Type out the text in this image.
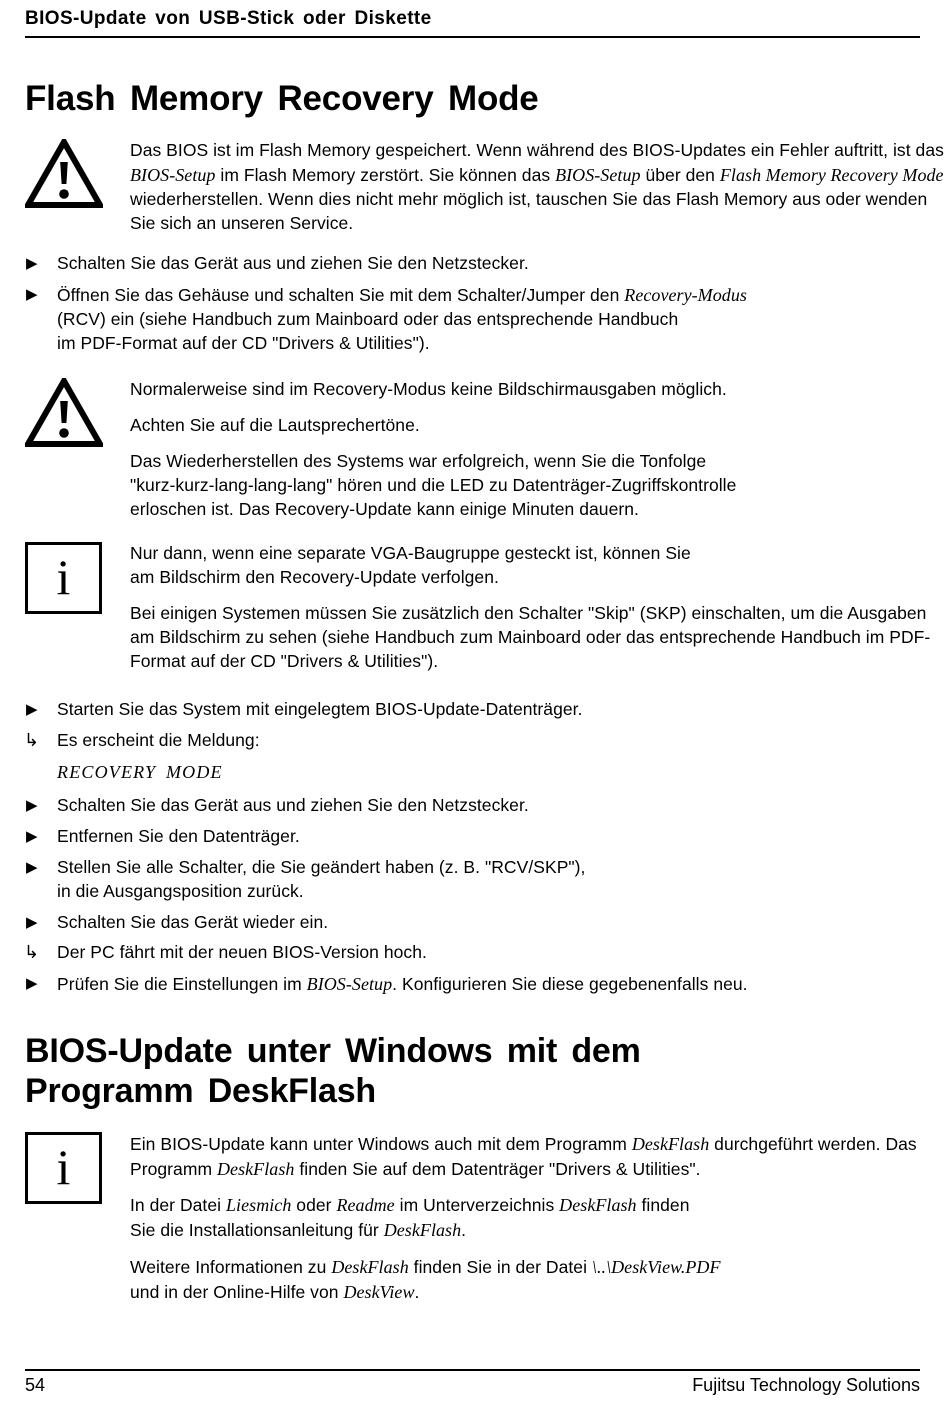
BIOS-Update von USB-Stick oder Diskette
Flash Memory Recovery Mode

Das BIOS ist im Flash Memory gespeichert. Wenn während des BIOS-Updates ein Fehler auftritt, ist das BIOS-Setup im Flash Memory zerstört. Sie können das BIOS-Setup über den Flash Memory Recovery Mode wiederherstellen. Wenn dies nicht mehr möglich ist, tauschen Sie das Flash Memory aus oder wenden Sie sich an unseren Service.

▶ Schalten Sie das Gerät aus und ziehen Sie den Netzstecker.
▶ Öffnen Sie das Gehäuse und schalten Sie mit dem Schalter/Jumper den Recovery-Modus
(RCV) ein (siehe Handbuch zum Mainboard oder das entsprechende Handbuch
im PDF-Format auf der CD "Drivers & Utilities").

Normalerweise sind im Recovery-Modus keine Bildschirmausgaben möglich.

Achten Sie auf die Lautsprechertöne.

Das Wiederherstellen des Systems war erfolgreich, wenn Sie die Tonfolge
"kurz-kurz-lang-lang-lang" hören und die LED zu Datenträger-Zugriffskontrolle
erloschen ist. Das Recovery-Update kann einige Minuten dauern.

i	Nur dann, wenn eine separate VGA-Baugruppe gesteckt ist, können Sie
am Bildschirm den Recovery-Update verfolgen.

Bei einigen Systemen müssen Sie zusätzlich den Schalter "Skip" (SKP) einschalten, um die Ausgaben am Bildschirm zu sehen (siehe Handbuch zum Mainboard oder das entsprechende Handbuch im PDF-Format auf der CD "Drivers & Utilities").

▶ Starten Sie das System mit eingelegtem BIOS-Update-Datenträger.
↳ Es erscheint die Meldung:
RECOVERY MODE
▶ Schalten Sie das Gerät aus und ziehen Sie den Netzstecker.
▶ Entfernen Sie den Datenträger.
▶ Stellen Sie alle Schalter, die Sie geändert haben (z. B. "RCV/SKP"),
in die Ausgangsposition zurück.
▶ Schalten Sie das Gerät wieder ein.
↳ Der PC fährt mit der neuen BIOS-Version hoch.
▶ Prüfen Sie die Einstellungen im BIOS-Setup. Konfigurieren Sie diese gegebenenfalls neu.
BIOS-Update unter Windows mit dem
Programm DeskFlash
i	Ein BIOS-Update kann unter Windows auch mit dem Programm DeskFlash durchgeführt werden. Das Programm DeskFlash finden Sie auf dem Datenträger "Drivers & Utilities".

In der Datei Liesmich oder Readme im Unterverzeichnis DeskFlash finden
Sie die Installationsanleitung für DeskFlash.

Weitere Informationen zu DeskFlash finden Sie in der Datei \..\DeskView.PDF
und in der Online-Hilfe von DeskView.

54	Fujitsu Technology Solutions
